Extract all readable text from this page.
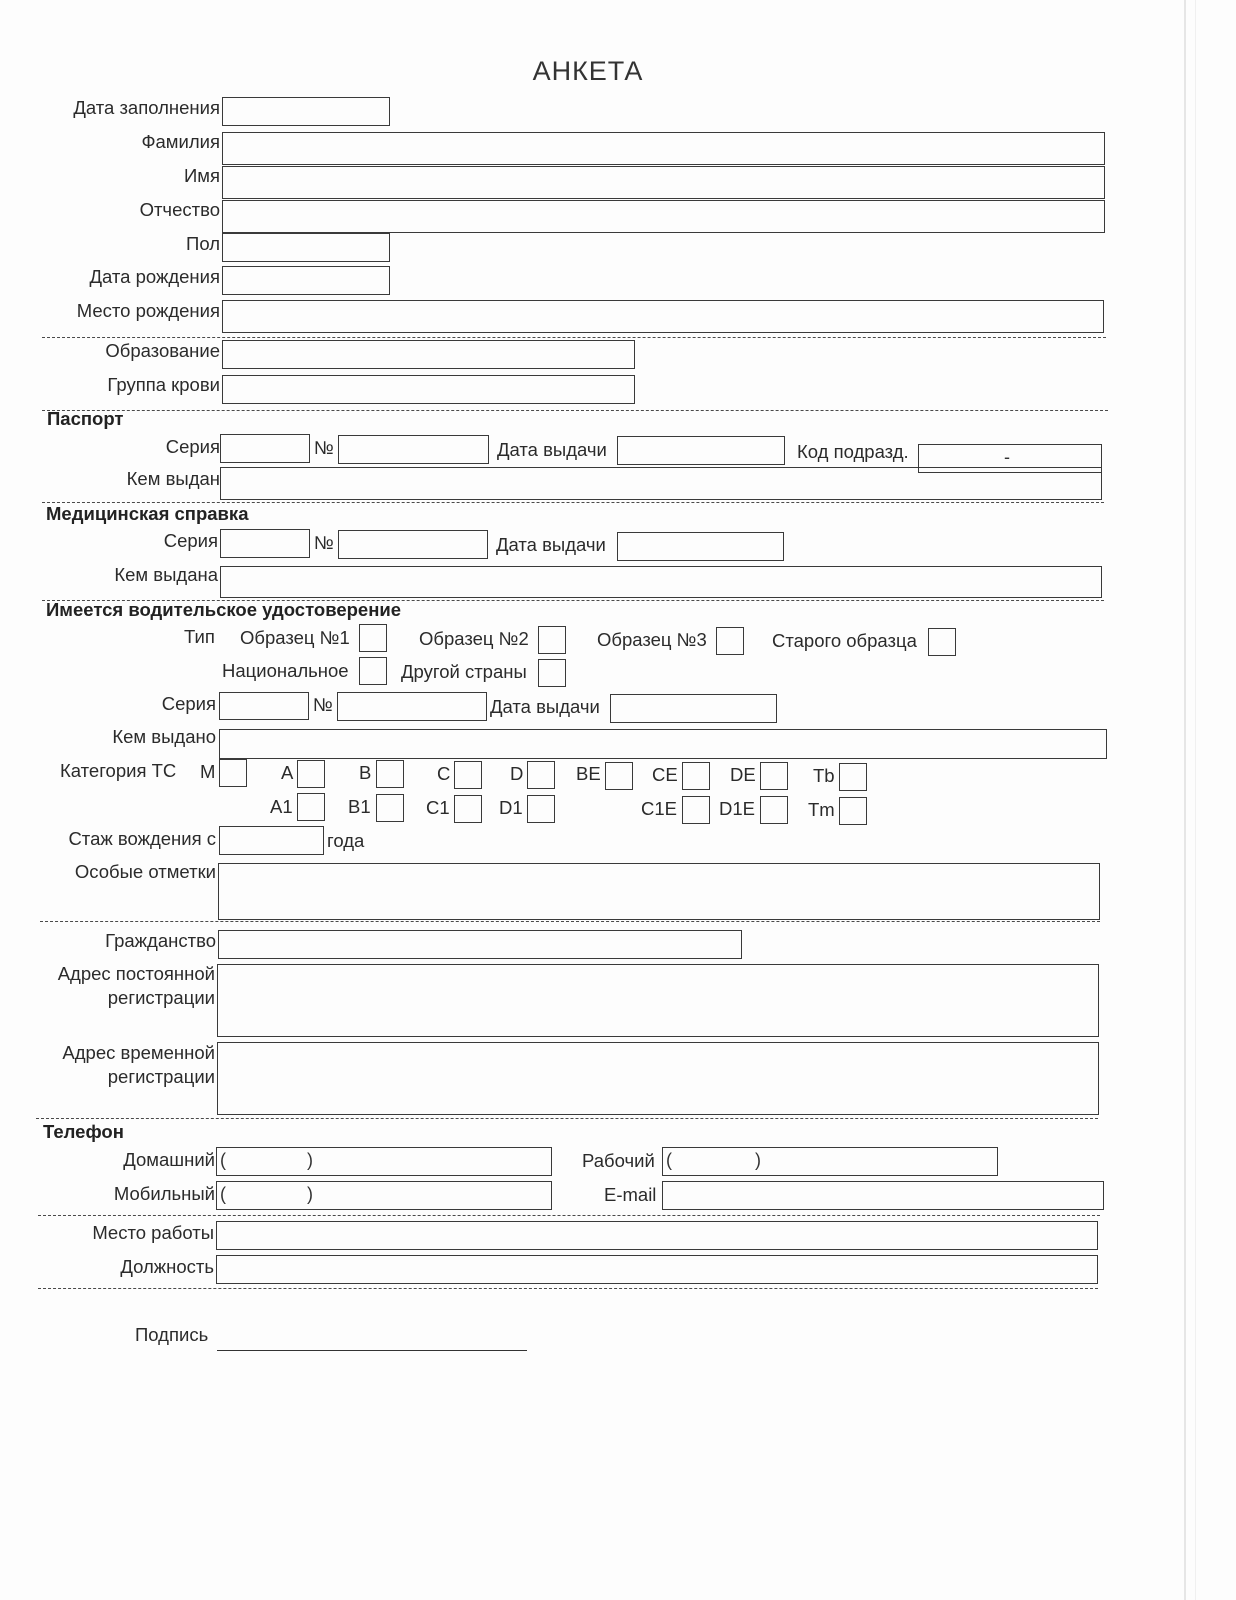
АНКЕТА
Дата заполнения
Фамилия
Имя
Отчество
Пол
Дата рождения
Место рождения
Образование
Группа крови
Паспорт
Серия	№	Дата выдачи	Код подразд.	-
Кем выдан
Медицинская справка
Серия	№	Дата выдачи
Кем выдана
Имеется водительское удостоверение
Тип Образец №1	Образец №2	Образец №3	Старого образца
Национальное	Другой страны
Серия	№	Дата выдачи
Кем выдано
Категория ТС M	A	B	C	D	BE	CE	DE	Tb
A1	B1	C1	D1	C1E D1E	Tm
Стаж вождения с	года
Особые отметки
Гражданство
Адрес постоянной
регистрации
Адрес временной
регистрации
Телефон
Домашний (	)	Рабочий (	)
Мобильный (	)	E-mail
Место работы
Должность
Подпись
